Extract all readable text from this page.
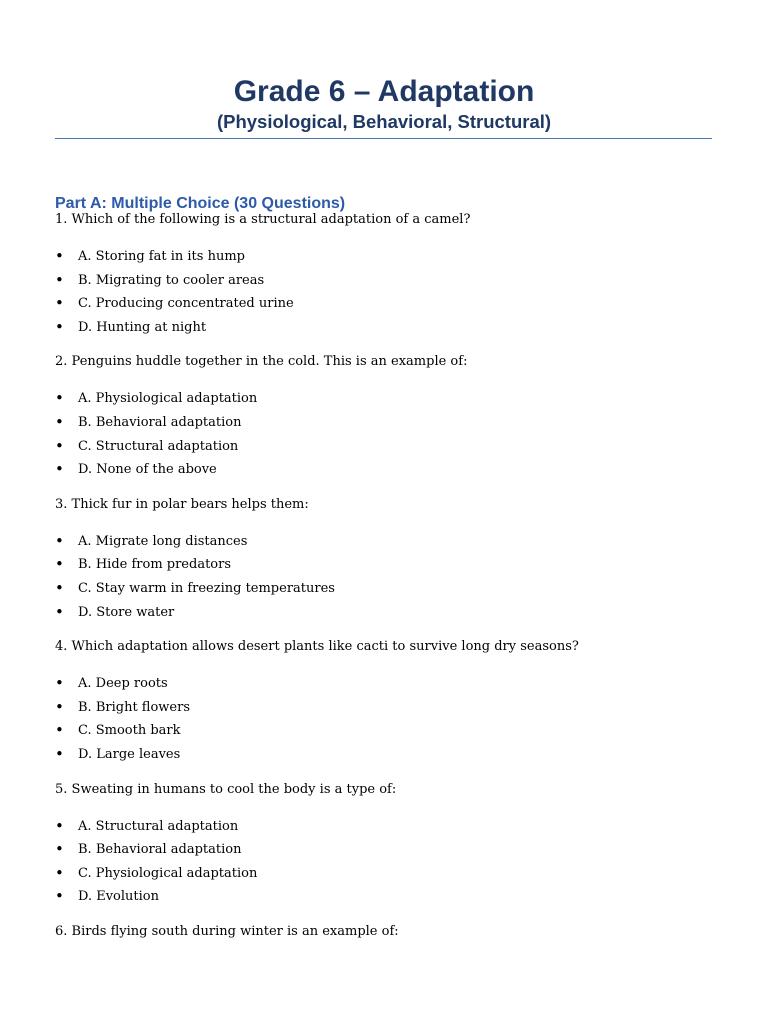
Grade 6 – Adaptation
(Physiological, Behavioral, Structural)
Part A: Multiple Choice (30 Questions)

1. Which of the following is a structural adaptation of a camel?

• A. Storing fat in its hump
• B. Migrating to cooler areas
• C. Producing concentrated urine
• D. Hunting at night

2. Penguins huddle together in the cold. This is an example of:

• A. Physiological adaptation
• B. Behavioral adaptation
• C. Structural adaptation
• D. None of the above

3. Thick fur in polar bears helps them:

• A. Migrate long distances
• B. Hide from predators
• C. Stay warm in freezing temperatures
• D. Store water

4. Which adaptation allows desert plants like cacti to survive long dry seasons?

• A. Deep roots
• B. Bright flowers
• C. Smooth bark
• D. Large leaves

5. Sweating in humans to cool the body is a type of:

• A. Structural adaptation
• B. Behavioral adaptation
• C. Physiological adaptation
• D. Evolution

6. Birds flying south during winter is an example of:
